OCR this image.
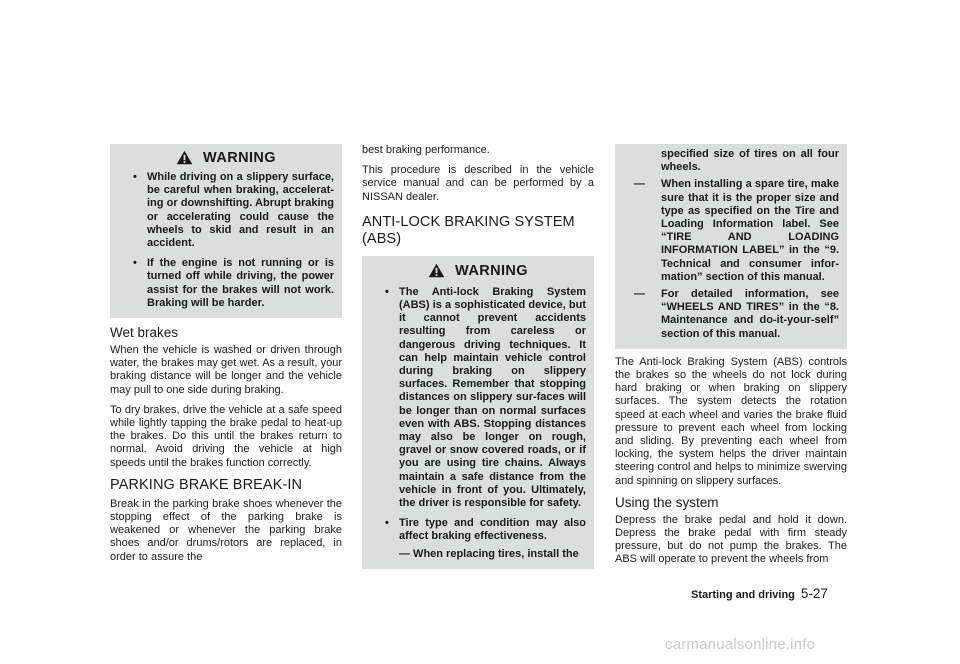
WARNING
• While driving on a slippery surface, be careful when braking, accelerat-ing or downshifting. Abrupt braking or accelerating could cause the wheels to skid and result in an accident.
• If the engine is not running or is turned off while driving, the power assist for the brakes will not work. Braking will be harder.
Wet brakes

When the vehicle is washed or driven through water, the brakes may get wet. As a result, your braking distance will be longer and the vehicle may pull to one side during braking.

To dry brakes, drive the vehicle at a safe speed while lightly tapping the brake pedal to heat-up the brakes. Do this until the brakes return to normal. Avoid driving the vehicle at high speeds until the brakes function correctly.

PARKING BRAKE BREAK-IN

Break in the parking brake shoes whenever the stopping effect of the parking brake is weakened or whenever the parking brake shoes and/or drums/rotors are replaced, in order to assure the

best braking performance.

This procedure is described in the vehicle service manual and can be performed by a NISSAN dealer.

ANTI-LOCK BRAKING SYSTEM (ABS)
WARNING
• The Anti-lock Braking System (ABS) is a sophisticated device, but it cannot prevent accidents resulting from careless or dangerous driving techniques. It can help maintain vehicle control during braking on slippery surfaces. Remember that stopping distances on slippery sur-faces will be longer than on normal surfaces even with ABS. Stopping distances may also be longer on rough, gravel or snow covered roads, or if you are using tire chains. Always maintain a safe distance from the vehicle in front of you. Ultimately, the driver is responsible for safety.
• Tire type and condition may also affect braking effectiveness.
— When replacing tires, install the
specified size of tires on all four wheels.
— When installing a spare tire, make sure that it is the proper size and type as specified on the Tire and Loading Information label. See “TIRE AND LOADING INFORMATION LABEL” in the “9. Technical and consumer infor-mation” section of this manual.
— For detailed information, see “WHEELS AND TIRES” in the “8. Maintenance and do-it-your-self” section of this manual.

The Anti-lock Braking System (ABS) controls the brakes so the wheels do not lock during hard braking or when braking on slippery surfaces. The system detects the rotation speed at each wheel and varies the brake fluid pressure to prevent each wheel from locking and sliding. By preventing each wheel from locking, the system helps the driver maintain steering control and helps to minimize swerving and spinning on slippery surfaces.

Using the system

Depress the brake pedal and hold it down. Depress the brake pedal with firm steady pressure, but do not pump the brakes. The ABS will operate to prevent the wheels from

Starting and driving 5-27
carmanualsonline.info
